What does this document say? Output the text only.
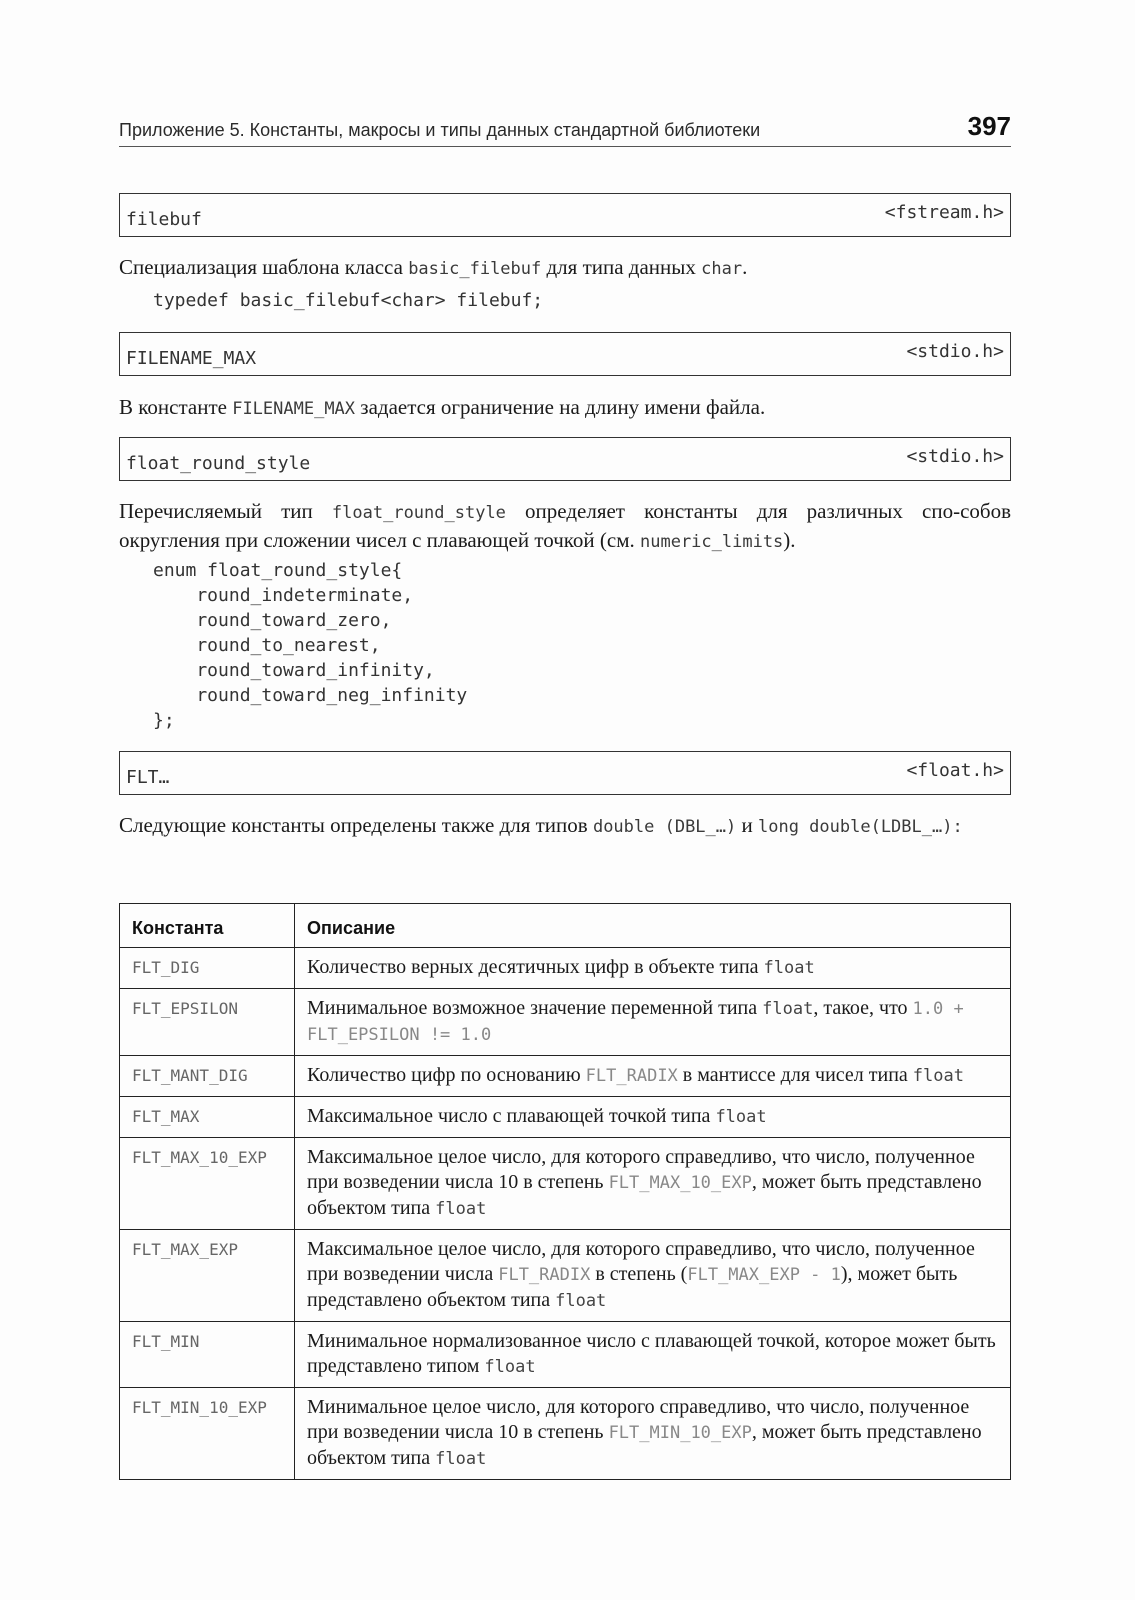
Приложение 5. Константы, макросы и типы данных стандартной библиотеки	397
filebuf	<fstream.h>
Специализация шаблона класса basic_filebuf для типа данных char.
typedef basic_filebuf<char> filebuf;
FILENAME_MAX	<stdio.h>
В константе FILENAME_MAX задается ограничение на длину имени файла.
float_round_style	<stdio.h>
Перечисляемый тип float_round_style определяет константы для различных спо-собов округления при сложении чисел с плавающей точкой (см. numeric_limits).
enum float_round_style{
round_indeterminate,
round_toward_zero,
round_to_nearest,
round_toward_infinity,
round_toward_neg_infinity
};
FLT…	<float.h>
Следующие константы определены также для типов double (DBL_…) и long double(LDBL_…):
Константа	Описание
FLT_DIG	Количество верных десятичных цифр в объекте типа float
FLT_EPSILON	Минимальное возможное значение переменной типа float, такое, что 1.0 + FLT_EPSILON != 1.0
FLT_MANT_DIG	Количество цифр по основанию FLT_RADIX в мантиссе для чисел типа float
FLT_MAX	Максимальное число с плавающей точкой типа float
FLT_MAX_10_EXP	Максимальное целое число, для которого справедливо, что число, полученное при возведении числа 10 в степень FLT_MAX_10_EXP, может быть представлено объектом типа float
FLT_MAX_EXP	Максимальное целое число, для которого справедливо, что число, полученное при возведении числа FLT_RADIX в степень (FLT_MAX_EXP - 1), может быть представлено объектом типа float
FLT_MIN	Минимальное нормализованное число с плавающей точкой, которое может быть представлено типом float
FLT_MIN_10_EXP	Минимальное целое число, для которого справедливо, что число, полученное при возведении числа 10 в степень FLT_MIN_10_EXP, может быть представлено объектом типа float
